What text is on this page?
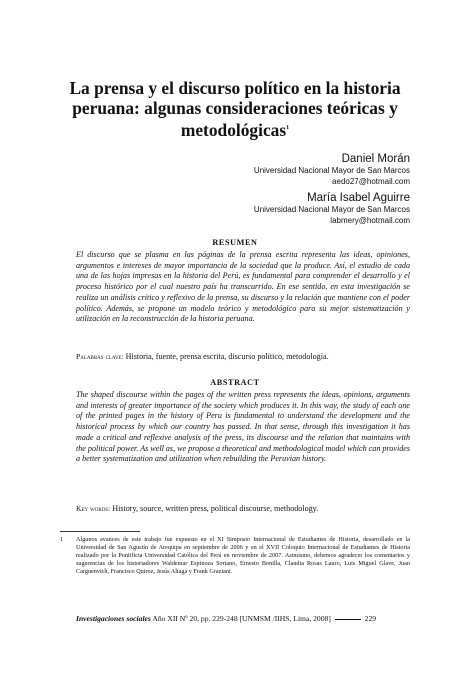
La prensa y el discurso político en la historia peruana: algunas consideraciones teóricas y metodológicas$^1$
Daniel Morán
Universidad Nacional Mayor de San Marcos
aedo27@hotmail.com
María Isabel Aguirre
Universidad Nacional Mayor de San Marcos
labmery@hotmail.com
RESUMEN
El discurso que se plasma en las páginas de la prensa escrita representa las ideas, opiniones, argumentos e intereses de mayor importancia de la sociedad que la produce. Así, el estudio de cada una de las hojas impresas en la historia del Perú, es fundamental para comprender el desarrollo y el proceso histórico por el cual nuestro país ha transcurrido. En ese sentido, en esta investigación se realiza un análisis crítico y reflexivo de la prensa, su discurso y la relación que mantiene con el poder político. Además, se propone un modelo teórico y metodológico para su mejor sistematización y utilización en la reconstrucción de la historia peruana.
Palabras clave: Historia, fuente, prensa escrita, discurso político, metodología.
ABSTRACT
The shaped discourse within the pages of the written press represents the ideas, opinions, arguments and interests of greater importance of the society which produces it. In this way, the study of each one of the printed pages in the history of Peru is fundamental to understand the development and the historical process by which our country has passed. In that sense, through this investigation it has made a critical and reflexive analysis of the press, its discourse and the relation that maintains with the political power. As well as, we propose a theoretical and methodological model which can provides a better systematization and utilization when rebuilding the Peruvian history.
Key words: History, source, written press, political discourse, methodology.
1 Algunos avances de este trabajo fue expuesto en el XI Simposio Internacional de Estudiantes de Historia, desarrollado en la Universidad de San Agustín de Arequipa en septiembre de 2006 y en el XVII Coloquio Internacional de Estudiantes de Historia realizado por la Pontificia Universidad Católica del Perú en noviembre de 2007. Asimismo, debemos agradecer los comentarios y sugerencias de los historiadores Waldemar Espinoza Soriano, Ernesto Bonilla, Claudia Rosas Lauro, Luis Miguel Glave, Juan Carguenvich, Francisco Quiroz, Jesús Aliaga y Frank Graziani.
Investigaciones sociales Año XII Nº 20, pp. 229-248 [UNMSM /IIHS, Lima, 2008]	229
